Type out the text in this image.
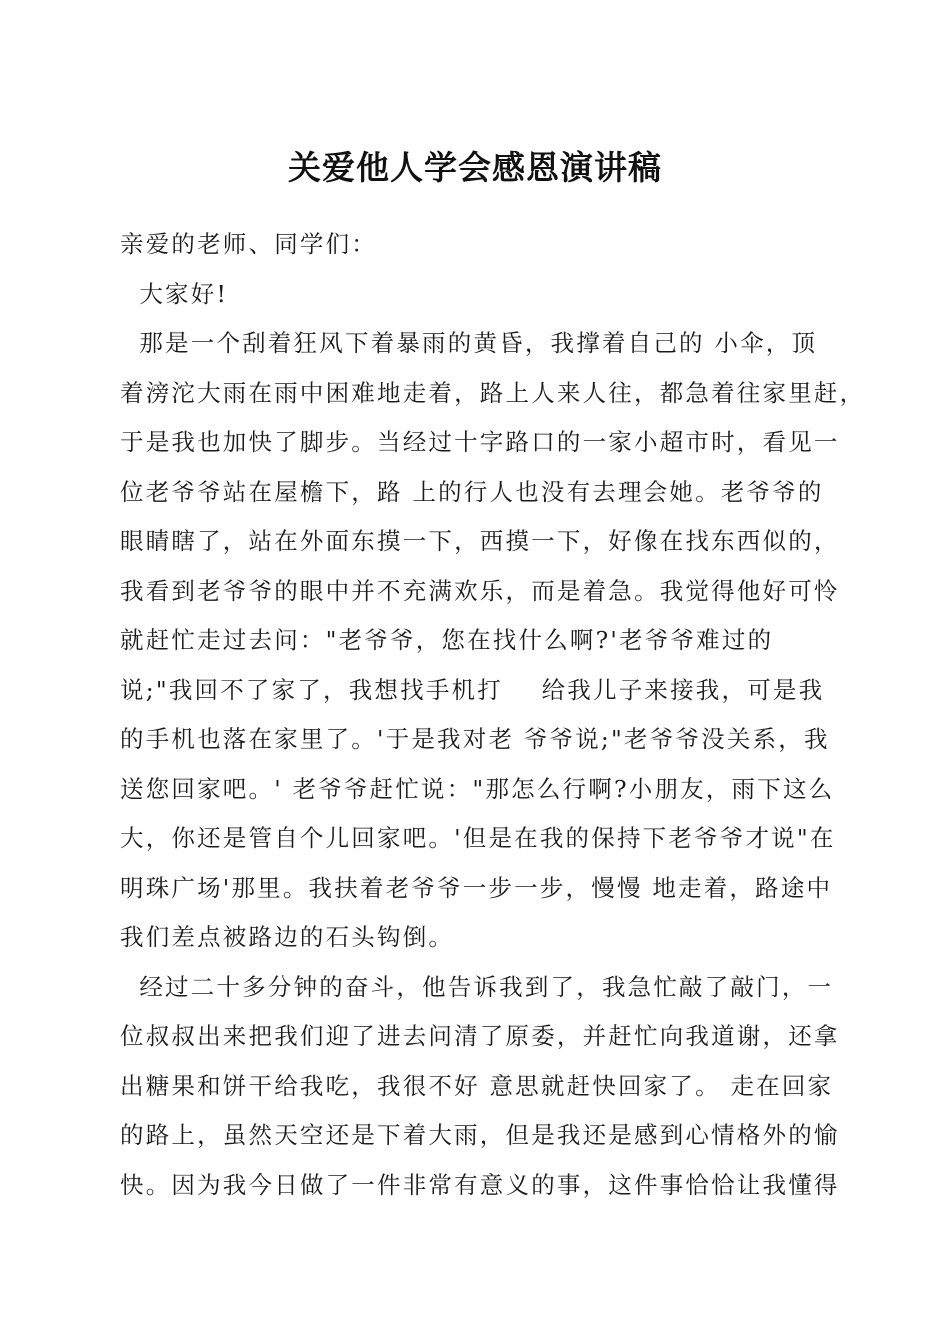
关爱他人学会感恩演讲稿
亲爱的老师、同学们：
大家好!
那是一个刮着狂风下着暴雨的黄昏，我撑着自己的 小伞，顶
着滂沱大雨在雨中困难地走着，路上人来人往，都急着往家里赶，
于是我也加快了脚步。当经过十字路口的一家小超市时，看见一
位老爷爷站在屋檐下，路 上的行人也没有去理会她。老爷爷的
眼睛瞎了，站在外面东摸一下，西摸一下，好像在找东西似的，
我看到老爷爷的眼中并不充满欢乐，而是着急。我觉得他好可怜
就赶忙走过去问："老爷爷，您在找什么啊?'老爷爷难过的
说;"我回不了家了，我想找手机打    给我儿子来接我，可是我
的手机也落在家里了。'于是我对老 爷爷说;"老爷爷没关系，我
送您回家吧。' 老爷爷赶忙说："那怎么行啊?小朋友，雨下这么
大，你还是管自个儿回家吧。'但是在我的保持下老爷爷才说"在
明珠广场'那里。我扶着老爷爷一步一步，慢慢 地走着，路途中
我们差点被路边的石头钩倒。
经过二十多分钟的奋斗，他告诉我到了，我急忙敲了敲门，一
位叔叔出来把我们迎了进去问清了原委，并赶忙向我道谢，还拿
出糖果和饼干给我吃，我很不好 意思就赶快回家了。 走在回家
的路上，虽然天空还是下着大雨，但是我还是感到心情格外的愉
快。因为我今日做了一件非常有意义的事，这件事恰恰让我懂得
